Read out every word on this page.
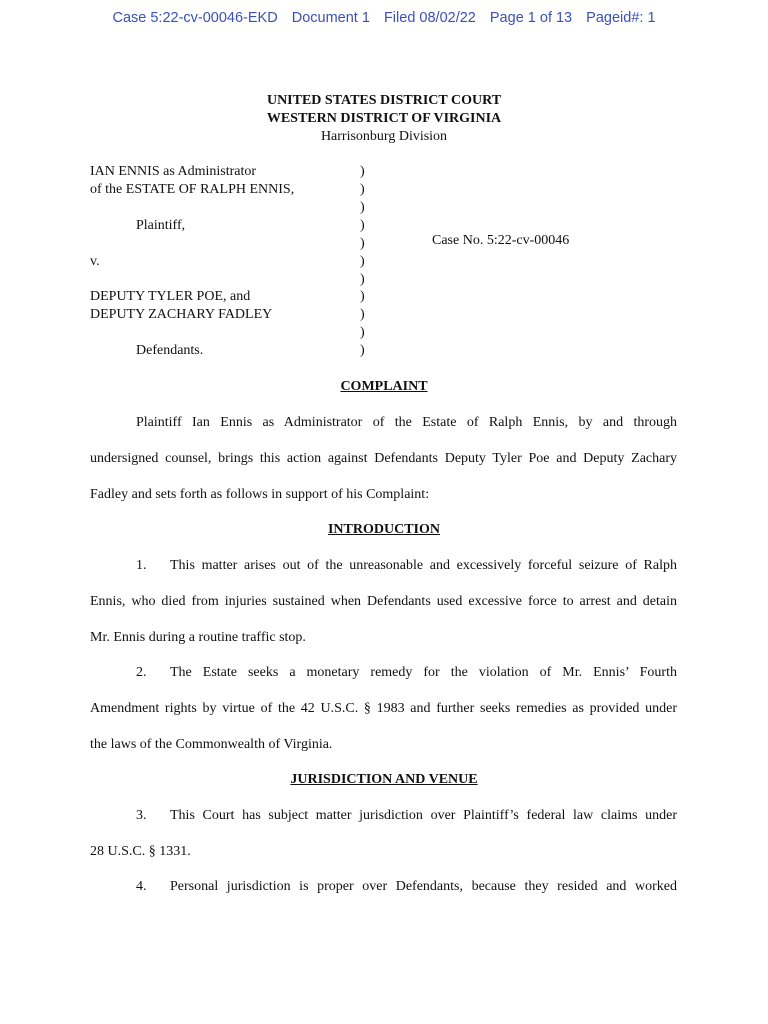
Case 5:22-cv-00046-EKD Document 1 Filed 08/02/22 Page 1 of 13 Pageid#: 1
UNITED STATES DISTRICT COURT
WESTERN DISTRICT OF VIRGINIA
Harrisonburg Division
IAN ENNIS as Administrator
of the ESTATE OF RALPH ENNIS,
Plaintiff,
v.
DEPUTY TYLER POE, and
DEPUTY ZACHARY FADLEY
Defendants.
Case No. 5:22-cv-00046
)
)
)
)
)
)
)
)
)
)
)
COMPLAINT
Plaintiff Ian Ennis as Administrator of the Estate of Ralph Ennis, by and through
undersigned counsel, brings this action against Defendants Deputy Tyler Poe and Deputy Zachary
Fadley and sets forth as follows in support of his Complaint:
INTRODUCTION
1. This matter arises out of the unreasonable and excessively forceful seizure of Ralph
Ennis, who died from injuries sustained when Defendants used excessive force to arrest and detain
Mr. Ennis during a routine traffic stop.
2. The Estate seeks a monetary remedy for the violation of Mr. Ennis’ Fourth
Amendment rights by virtue of the 42 U.S.C. § 1983 and further seeks remedies as provided under
the laws of the Commonwealth of Virginia.
JURISDICTION AND VENUE
3. This Court has subject matter jurisdiction over Plaintiff’s federal law claims under
28 U.S.C. § 1331.
4. Personal jurisdiction is proper over Defendants, because they resided and worked
